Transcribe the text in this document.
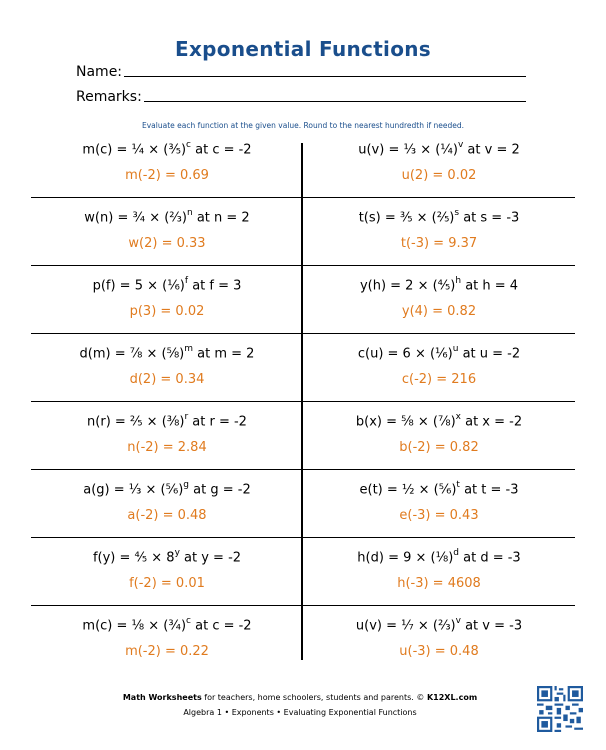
Exponential Functions
Name:
Remarks:
Evaluate each function at the given value. Round to the nearest hundredth if needed.
m(c) = ¼ × (⅗)$^c$ at c = -2
m(-2) = 0.69
u(v) = ⅓ × (¼)$^v$ at v = 2
u(2) = 0.02
w(n) = ¾ × (⅔)$^n$ at n = 2
w(2) = 0.33
t(s) = ⅗ × (⅖)$^s$ at s = -3
t(-3) = 9.37
p(f) = 5 × (⅙)$^f$ at f = 3
p(3) = 0.02
y(h) = 2 × (⅘)$^h$ at h = 4
y(4) = 0.82
d(m) = ⅞ × (⅝)$^m$ at m = 2
d(2) = 0.34
c(u) = 6 × (⅙)$^u$ at u = -2
c(-2) = 216
n(r) = ⅖ × (⅜)$^r$ at r = -2
n(-2) = 2.84
b(x) = ⅝ × (⅞)$^x$ at x = -2
b(-2) = 0.82
a(g) = ⅓ × (⅚)$^g$ at g = -2
a(-2) = 0.48
e(t) = ½ × (⅚)$^t$ at t = -3
e(-3) = 0.43
f(y) = ⅘ × $8^y$ at y = -2
f(-2) = 0.01
h(d) = 9 × (⅛)$^d$ at d = -3
h(-3) = 4608
m(c) = ⅛ × (¾)$^c$ at c = -2
m(-2) = 0.22
u(v) = ⅐ × (⅔)$^v$ at v = -3
u(-3) = 0.48
Math Worksheets for teachers, home schoolers, students and parents. © K12XL.com
Algebra 1 • Exponents • Evaluating Exponential Functions
